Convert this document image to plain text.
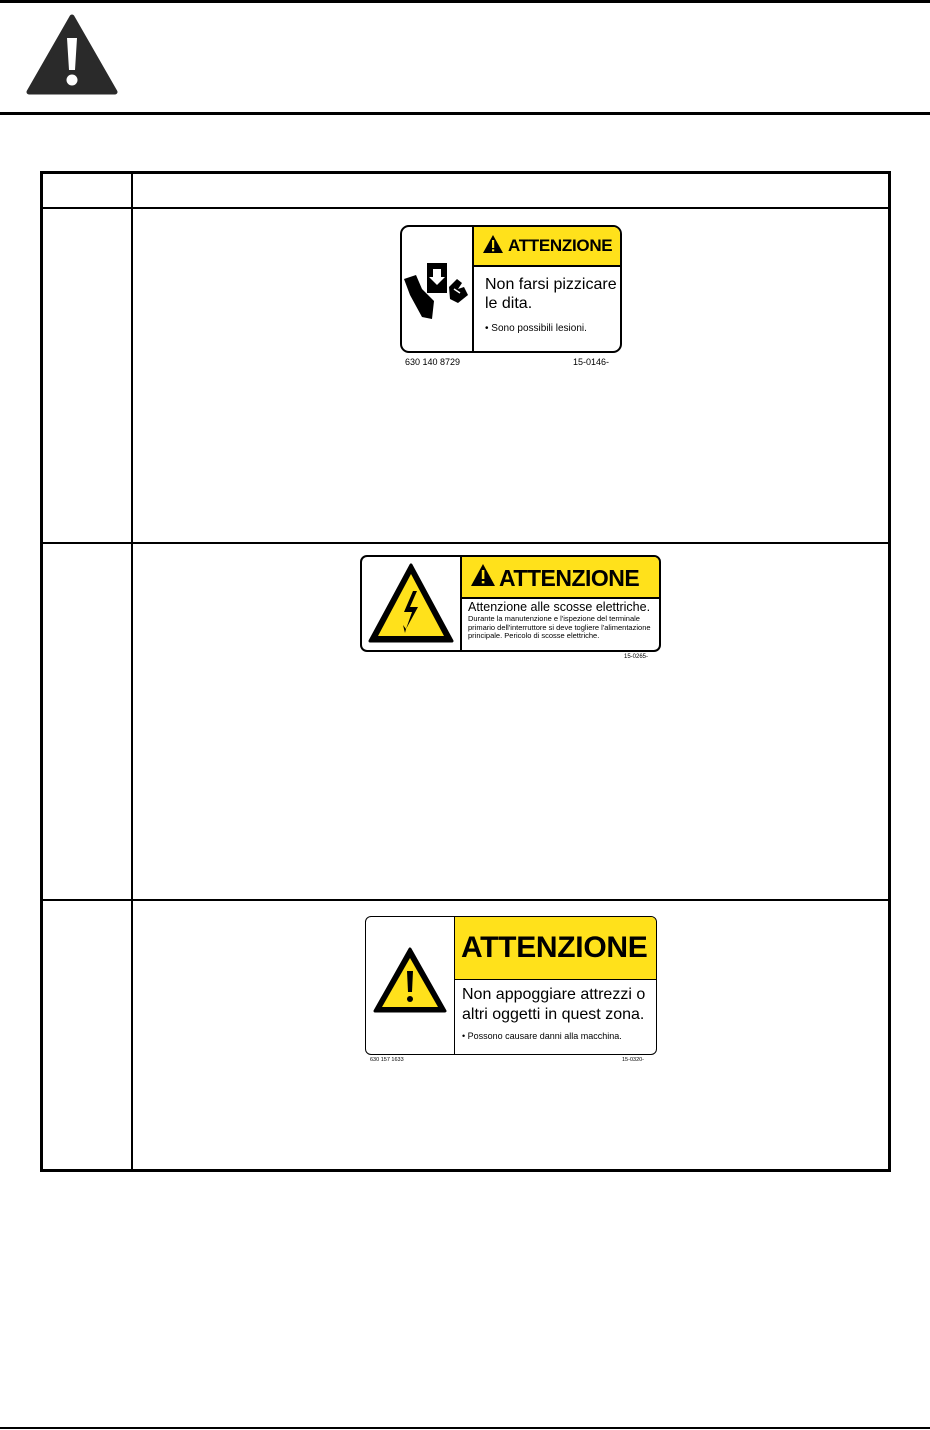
ATTENZIONE
Non farsi pizzicare le dita.
• Sono possibili lesioni.
630 140 8729	15-0146-
ATTENZIONE
Attenzione alle scosse elettriche.
Durante la manutenzione e l'ispezione del terminale primario dell'interruttore si deve togliere l'alimentazione principale. Pericolo di scosse elettriche.
15-0265-
ATTENZIONE
Non appoggiare attrezzi o altri oggetti in quest zona.
• Possono causare danni alla macchina.
630 157 1633	15-0320-
